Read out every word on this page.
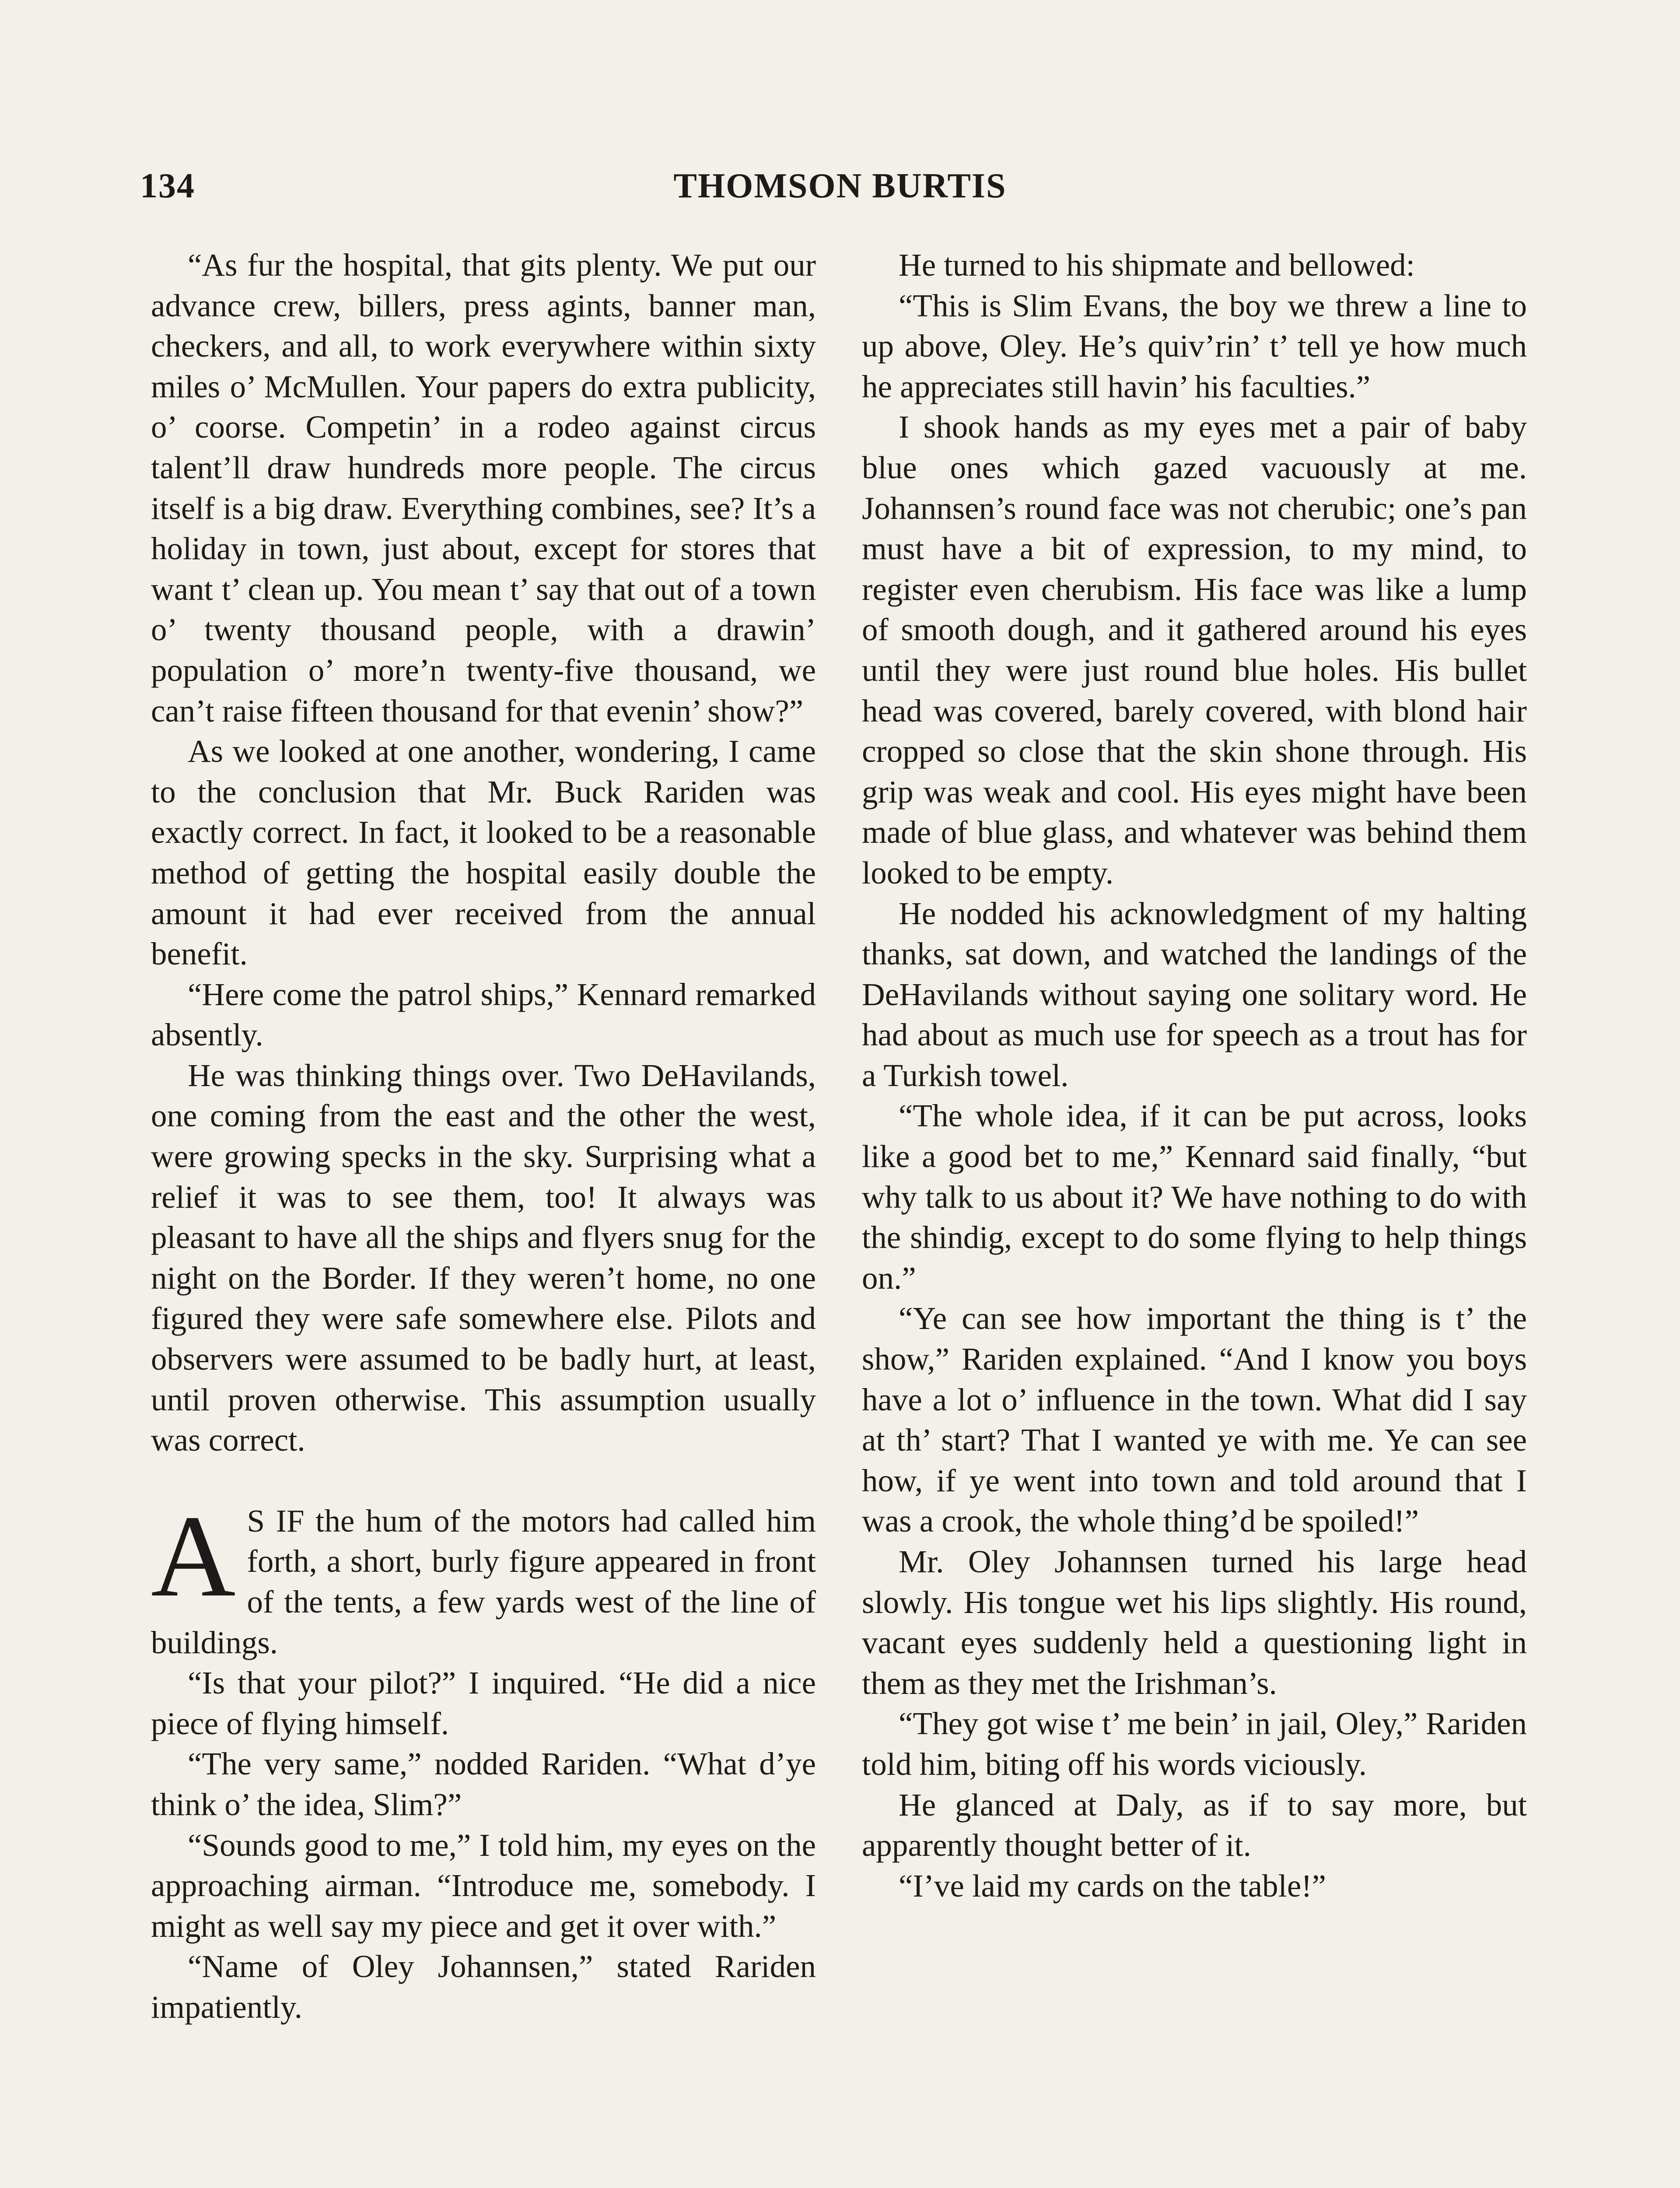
134	THOMSON BURTIS

“As fur the hospital, that gits plenty. We put our advance crew, billers, press agints, banner man, checkers, and all, to work everywhere within sixty miles o’ McMullen. Your papers do extra publicity, o’ coorse. Competin’ in a rodeo against circus talent’ll draw hundreds more people. The circus itself is a big draw. Everything combines, see? It’s a holiday in town, just about, except for stores that want t’ clean up. You mean t’ say that out of a town o’ twenty thousand people, with a drawin’ population o’ more’n twenty-five thousand, we can’t raise fifteen thousand for that evenin’ show?”

As we looked at one another, wondering, I came to the conclusion that Mr. Buck Rariden was exactly correct. In fact, it looked to be a reasonable method of getting the hospital easily double the amount it had ever received from the annual benefit.

“Here come the patrol ships,” Kennard remarked absently.

He was thinking things over. Two DeHavilands, one coming from the east and the other the west, were growing specks in the sky. Surprising what a relief it was to see them, too! It always was pleasant to have all the ships and flyers snug for the night on the Border. If they weren’t home, no one figured they were safe somewhere else. Pilots and observers were assumed to be badly hurt, at least, until proven otherwise. This assumption usually was correct.

A S IF the hum of the motors had called him forth, a short, burly figure appeared in front of the tents, a few yards west of the line of buildings.

“Is that your pilot?” I inquired. “He did a nice piece of flying himself.

“The very same,” nodded Rariden. “What d’ye think o’ the idea, Slim?”

“Sounds good to me,” I told him, my eyes on the approaching airman. “Introduce me, somebody. I might as well say my piece and get it over with.”

“Name of Oley Johannsen,” stated Rariden impatiently.

He turned to his shipmate and bellowed:

“This is Slim Evans, the boy we threw a line to up above, Oley. He’s quiv’rin’ t’ tell ye how much he appreciates still havin’ his faculties.”

I shook hands as my eyes met a pair of baby blue ones which gazed vacuously at me. Johannsen’s round face was not cherubic; one’s pan must have a bit of expression, to my mind, to register even cherubism. His face was like a lump of smooth dough, and it gathered around his eyes until they were just round blue holes. His bullet head was covered, barely covered, with blond hair cropped so close that the skin shone through. His grip was weak and cool. His eyes might have been made of blue glass, and whatever was behind them looked to be empty.

He nodded his acknowledgment of my halting thanks, sat down, and watched the landings of the DeHavilands without saying one solitary word. He had about as much use for speech as a trout has for a Turkish towel.

“The whole idea, if it can be put across, looks like a good bet to me,” Kennard said finally, “but why talk to us about it? We have nothing to do with the shindig, except to do some flying to help things on.”

“Ye can see how important the thing is t’ the show,” Rariden explained. “And I know you boys have a lot o’ influence in the town. What did I say at th’ start? That I wanted ye with me. Ye can see how, if ye went into town and told around that I was a crook, the whole thing’d be spoiled!”

Mr. Oley Johannsen turned his large head slowly. His tongue wet his lips slightly. His round, vacant eyes suddenly held a questioning light in them as they met the Irishman’s.

“They got wise t’ me bein’ in jail, Oley,” Rariden told him, biting off his words viciously.

He glanced at Daly, as if to say more, but apparently thought better of it.

“I’ve laid my cards on the table!”
